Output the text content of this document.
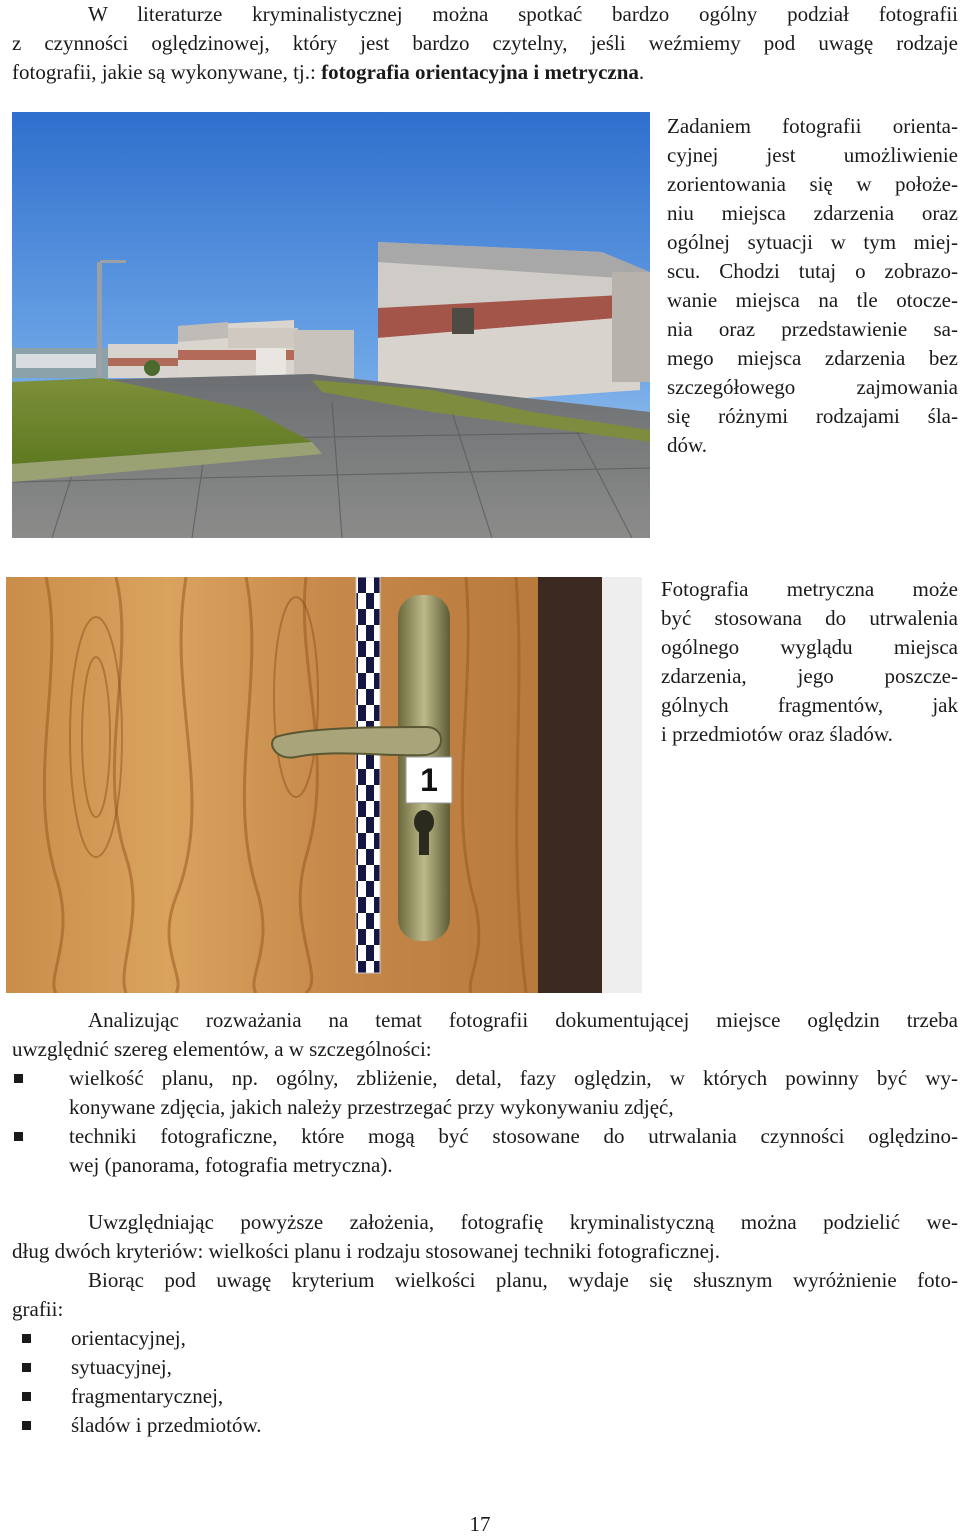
W literaturze kryminalistycznej można spotkać bardzo ogólny podział fotografii
z czynności oględzinowej, który jest bardzo czytelny, jeśli weźmiemy pod uwagę rodzaje
fotografii, jakie są wykonywane, tj.: fotografia orientacyjna i metryczna.
Zadaniem fotografii orienta-
cyjnej jest umożliwienie
zorientowania się w położe-
niu miejsca zdarzenia oraz
ogólnej sytuacji w tym miej-
scu. Chodzi tutaj o zobrazo-
wanie miejsca na tle otocze-
nia oraz przedstawienie sa-
mego miejsca zdarzenia bez
szczegółowego zajmowania
się różnymi rodzajami śla-
dów.
1
Fotografia metryczna może
być stosowana do utrwalenia
ogólnego wyglądu miejsca
zdarzenia, jego poszcze-
gólnych fragmentów, jak
i przedmiotów oraz śladów.
Analizując rozważania na temat fotografii dokumentującej miejsce oględzin trzeba
uwzględnić szereg elementów, a w szczególności:
wielkość planu, np. ogólny, zbliżenie, detal, fazy oględzin, w których powinny być wy-
konywane zdjęcia, jakich należy przestrzegać przy wykonywaniu zdjęć,
techniki fotograficzne, które mogą być stosowane do utrwalania czynności oględzino-
wej (panorama, fotografia metryczna).
Uwzględniając powyższe założenia, fotografię kryminalistyczną można podzielić we-
dług dwóch kryteriów: wielkości planu i rodzaju stosowanej techniki fotograficznej.
Biorąc pod uwagę kryterium wielkości planu, wydaje się słusznym wyróżnienie foto-
grafii:
orientacyjnej,
sytuacyjnej,
fragmentarycznej,
śladów i przedmiotów.
17
